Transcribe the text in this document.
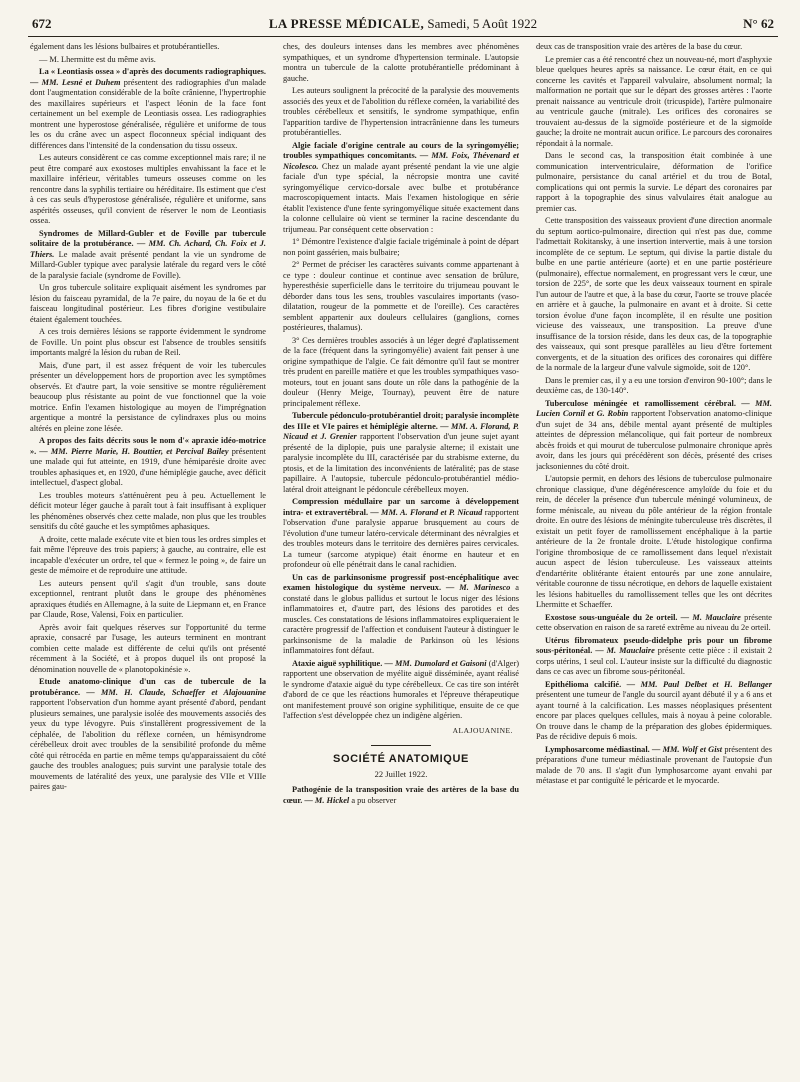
672	LA PRESSE MÉDICALE, Samedi, 5 Août 1922	N° 62

également dans les lésions bulbaires et protubérantielles.

— M. Lhermitte est du même avis.

La « Leontiasis ossea » d'après des documents radiographiques. — MM. Lesné et Duhem présentent des radiographies d'un malade dont l'augmentation considérable de la boîte crânienne, l'hypertrophie des maxillaires supérieurs et l'aspect léonin de la face font certainement un bel exemple de Leontiasis ossea. Les radiographies montrent une hyperostose généralisée, régulière et uniforme de tous les os du crâne avec un aspect floconneux spécial indiquant des différences dans l'intensité de la condensation du tissu osseux.

Les auteurs considèrent ce cas comme exceptionnel mais rare; il ne peut être comparé aux exostoses multiples envahissant la face et le maxillaire inférieur, véritables tumeurs osseuses comme on les rencontre dans la syphilis tertiaire ou héréditaire. Ils estiment que c'est à ces cas seuls d'hyperostose généralisée, régulière et uniforme, sans aspérités osseuses, qu'il convient de réserver le nom de Leontiasis ossea.

Syndromes de Millard-Gubler et de Foville par tubercule solitaire de la protubérance. — MM. Ch. Achard, Ch. Foix et J. Thiers. Le malade avait présenté pendant la vie un syndrome de Millard-Gubler typique avec paralysie latérale du regard vers le côté de la paralysie faciale (syndrome de Foville).

Un gros tubercule solitaire expliquait aisément les syndromes par lésion du faisceau pyramidal, de la 7e paire, du noyau de la 6e et du faisceau longitudinal postérieur. Les fibres d'origine vestibulaire étaient également touchées.

A ces trois dernières lésions se rapporte évidemment le syndrome de Foville. Un point plus obscur est l'absence de troubles sensitifs importants malgré la lésion du ruban de Reil.

Mais, d'une part, il est assez fréquent de voir les tubercules présenter un développement hors de proportion avec les symptômes observés. Et d'autre part, la voie sensitive se montre régulièrement beaucoup plus résistante au point de vue fonctionnel que la voie motrice. Enfin l'examen histologique au moyen de l'imprégnation argentique a montré la persistance de cylindraxes plus ou moins altérés en pleine zone lésée.

A propos des faits décrits sous le nom d'« apraxie idéo-motrice ». — MM. Pierre Marie, H. Bouttier, et Percival Bailey présentent une malade qui fut atteinte, en 1919, d'une hémiparésie droite avec troubles aphasiques et, en 1920, d'une hémiplégie gauche, avec déficit intellectuel, d'aspect global.

Les troubles moteurs s'atténuèrent peu à peu. Actuellement le déficit moteur léger gauche à paraît tout à fait insuffisant à expliquer les phénomènes observés chez cette malade, non plus que les troubles sensitifs du côté gauche et les symptômes aphasiques.

A droite, cette malade exécute vite et bien tous les ordres simples et fait même l'épreuve des trois papiers; à gauche, au contraire, elle est incapable d'exécuter un ordre, tel que « fermez le poing », de faire un geste de mémoire et de reproduire une attitude.

Les auteurs pensent qu'il s'agit d'un trouble, sans doute exceptionnel, rentrant plutôt dans le groupe des phénomènes apraxiques étudiés en Allemagne, à la suite de Liepmann et, en France par Claude, Rose, Valensi, Foix en particulier.

Après avoir fait quelques réserves sur l'opportunité du terme apraxie, consacré par l'usage, les auteurs terminent en montrant combien cette malade est différente de celui qu'ils ont présenté récemment à la Société, et à propos duquel ils ont proposé la dénomination nouvelle de « planotopokinésie ».

Etude anatomo-clinique d'un cas de tubercule de la protubérance. — MM. H. Claude, Schaeffer et Alajouanine rapportent l'observation d'un homme ayant présenté d'abord, pendant plusieurs semaines, une paralysie isolée des mouvements associés des yeux du type lévogyre. Puis s'installèrent progressivement de la céphalée, de l'abolition du réflexe cornéen, un hémisyndrome cérébelleux droit avec troubles de la sensibilité profonde du même côté qui rétrocéda en partie en même temps qu'apparaissaient du côté gauche des troubles analogues; puis survint une paralysie totale des mouvements de latéralité des yeux, une paralysie des VIIe et VIIIe paires gau-

ches, des douleurs intenses dans les membres avec phénomènes sympathiques, et un syndrome d'hypertension terminale. L'autopsie montra un tubercule de la calotte protubérantielle prédominant à gauche.

Les auteurs soulignent la précocité de la paralysie des mouvements associés des yeux et de l'abolition du réflexe cornéen, la variabilité des troubles cérébelleux et sensitifs, le syndrome sympathique, enfin l'apparition tardive de l'hypertension intracrânienne dans les tumeurs protubérantielles.

Algie faciale d'origine centrale au cours de la syringomyélie; troubles sympathiques concomitants. — MM. Foix, Thévenard et Nicolesco. Chez un malade ayant présenté pendant la vie une algie faciale d'un type spécial, la nécropsie montra une cavité syringomyélique cervico-dorsale avec bulbe et protubérance macroscopiquement intacts. Mais l'examen histologique en série établit l'existence d'une fente syringomyélique située exactement dans la colonne cellulaire où vient se terminer la racine descendante du trijumeau. Par conséquent cette observation :

1° Démontre l'existence d'algie faciale trigéminale à point de départ non point gassérien, mais bulbaire;

2° Permet de préciser les caractères suivants comme appartenant à ce type : douleur continue et continue avec sensation de brûlure, hyperesthésie superficielle dans le territoire du trijumeau pouvant le déborder dans tous les sens, troubles vasculaires importants (vaso-dilatation, rougeur de la pommette et de l'oreille). Ces caractères semblent appartenir aux douleurs cellulaires (ganglions, cornes postérieures, thalamus).

3° Ces dernières troubles associés à un léger degré d'aplatissement de la face (fréquent dans la syringomyélie) avaient fait penser à une origine sympathique de l'algie. Ce fait démontre qu'il faut se montrer très prudent en pareille matière et que les troubles sympathiques vaso-moteurs, tout en jouant sans doute un rôle dans la pathogénie de la douleur (Henry Meige, Tournay), peuvent être de nature principalement réflexe.

Tubercule pédonculo-protubérantiel droit; paralysie incomplète des IIIe et VIe paires et hémiplégie alterne. — MM. A. Florand, P. Nicaud et J. Grenier rapportent l'observation d'un jeune sujet ayant présenté de la diplopie, puis une paralysie alterne; il existait une paralysie incomplète du III, caractérisée par du strabisme externe, du ptosis, et de la limitation des inconvénients de latéralité; pas de stase papillaire. A l'autopsie, tubercule pédonculo-protubérantiel médio-latéral droit atteignant le pédoncule cérébelleux moyen.

Compression médullaire par un sarcome à développement intra- et extravertébral. — MM. A. Florand et P. Nicaud rapportent l'observation d'une paralysie apparue brusquement au cours de l'évolution d'une tumeur latéro-cervicale déterminant des névralgies et des troubles moteurs dans le territoire des dernières paires cervicales. La tumeur (sarcome atypique) était énorme en hauteur et en profondeur où elle pénétrait dans le canal rachidien.

Un cas de parkinsonisme progressif post-encéphalitique avec examen histologique du système nerveux. — M. Marinesco a constaté dans le globus pallidus et surtout le locus niger des lésions inflammatoires et, d'autre part, des lésions des parotides et des muscles. Ces constatations de lésions inflammatoires expliqueraient le caractère progressif de l'affection et conduisent l'auteur à distinguer le parkinsonisme de la maladie de Parkinson où les lésions inflammatoires font défaut.

Ataxie aiguë syphilitique. — MM. Dumolard et Gaisoni (d'Alger) rapportent une observation de myélite aiguë disséminée, ayant réalisé le syndrome d'ataxie aiguë du type cérébelleux. Ce cas tire son intérêt d'abord de ce que les réactions humorales et l'épreuve thérapeutique ont manifestement prouvé son origine syphilitique, ensuite de ce que l'affection s'est développée chez un indigène algérien.

ALAJOUANINE.
SOCIÉTÉ ANATOMIQUE
22 Juillet 1922.

Pathogénie de la transposition vraie des artères de la base du cœur. — M. Hickel a pu observer

deux cas de transposition vraie des artères de la base du cœur.

Le premier cas a été rencontré chez un nouveau-né, mort d'asphyxie bleue quelques heures après sa naissance. Le cœur était, en ce qui concerne les cavités et l'appareil valvulaire, absolument normal; la malformation ne portait que sur le départ des grosses artères : l'aorte prenait naissance au ventricule droit (tricuspide), l'artère pulmonaire au ventricule gauche (mitrale). Les orifices des coronaires se trouvaient au-dessus de la sigmoïde postérieure et de la sigmoïde gauche; la droite ne montrait aucun orifice. Le parcours des coronaires répondait à la normale.

Dans le second cas, la transposition était combinée à une communication interventriculaire, déformation de l'orifice pulmonaire, persistance du canal artériel et du trou de Botal, complications qui ont permis la survie. Le départ des coronaires par rapport à la topographie des sinus valvulaires était analogue au premier cas.

Cette transposition des vaisseaux provient d'une direction anormale du septum aortico-pulmonaire, direction qui n'est pas due, comme l'admettait Rokitansky, à une insertion intervertie, mais à une torsion incomplète de ce septum. Le septum, qui divise la partie distale du bulbe en une partie antérieure (aorte) et en une partie postérieure (pulmonaire), effectue normalement, en progressant vers le cœur, une torsion de 225°, de sorte que les deux vaisseaux tournent en spirale l'un autour de l'autre et que, à la base du cœur, l'aorte se trouve placée en arrière et à gauche, la pulmonaire en avant et à droite. Si cette torsion évolue d'une façon incomplète, il en résulte une position vicieuse des vaisseaux, une transposition. La preuve d'une insuffisance de la torsion réside, dans les deux cas, de la topographie des vaisseaux, qui sont presque parallèles au lieu d'être fortement convergents, et de la situation des orifices des coronaires qui diffère de la normale de la largeur d'une valvule sigmoïde, soit de 120°.

Dans le premier cas, il y a eu une torsion d'environ 90-100°; dans le deuxième cas, de 130-140°.

Tuberculose méningée et ramollissement cérébral. — MM. Lucien Cornil et G. Robin rapportent l'observation anatomo-clinique d'un sujet de 34 ans, débile mental ayant présenté de multiples atteintes de dépression mélancolique, qui fait porteur de nombreux abcès froids et qui mourut de tuberculose pulmonaire chronique après avoir, dans les jours qui précédèrent son décès, présenté des crises jacksoniennes du côté droit.

L'autopsie permit, en dehors des lésions de tuberculose pulmonaire chronique classique, d'une dégénérescence amyloïde du foie et du rein, de déceler la présence d'un tubercule méningé volumineux, de forme méniscale, au niveau du pôle antérieur de la région frontale droite. En outre des lésions de méningite tuberculeuse très discrètes, il existait un petit foyer de ramollissement encéphalique à la partie antérieure de la 2e frontale droite. L'étude histologique confirma l'origine thrombosique de ce ramollissement dans lequel n'existait aucun aspect de lésion tuberculeuse. Les vaisseaux atteints d'endartérite oblitérante étaient entourés par une zone annulaire, véritable couronne de tissu nécrotique, en dehors de laquelle existaient les lésions habituelles du ramollissement telles que les ont décrites Lhermitte et Schaeffer.

Exostose sous-unguéale du 2e orteil. — M. Mauclaire présente cette observation en raison de sa rareté extrême au niveau du 2e orteil.

Utérus fibromateux pseudo-didelphe pris pour un fibrome sous-péritonéal. — M. Mauclaire présente cette pièce : il existait 2 corps utérins, 1 seul col. L'auteur insiste sur la difficulté du diagnostic dans ce cas avec un fibrome sous-péritonéal.

Epithélioma calcifié. — MM. Paul Delbet et H. Bellanger présentent une tumeur de l'angle du sourcil ayant débuté il y a 6 ans et ayant tourné à la calcification. Les masses néoplasiques présentent encore par places quelques cellules, mais à noyau à peine colorable. On trouve dans le champ de la préparation des globes épidermiques. Pas de récidive depuis 6 mois.

Lymphosarcome médiastinal. — MM. Wolf et Gist présentent des préparations d'une tumeur médiastinale provenant de l'autopsie d'un malade de 70 ans. Il s'agit d'un lymphosarcome ayant envahi par métastase et par contiguïté le péricarde et le myocarde.
